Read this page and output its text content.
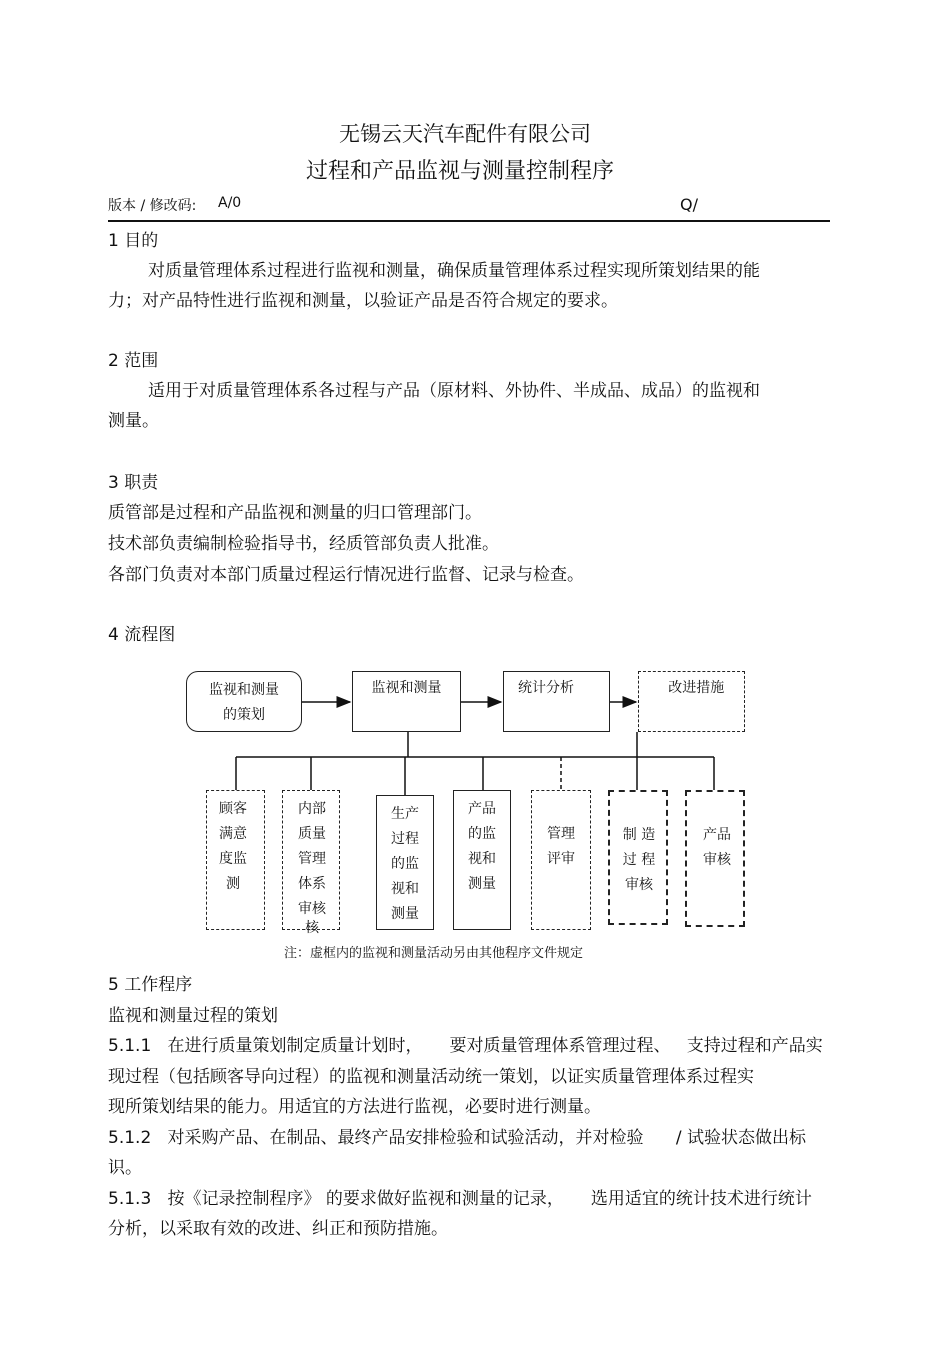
无锡云天汽车配件有限公司
过程和产品监视与测量控制程序
版本 / 修改码: A/0	Q/
1 目的
对质量管理体系过程进行监视和测量，确保质量管理体系过程实现所策划结果的能
力；对产品特性进行监视和测量，以验证产品是否符合规定的要求。
2 范围
适用于对质量管理体系各过程与产品（原材料、外协件、半成品、成品）的监视和
测量。
3 职责
质管部是过程和产品监视和测量的归口管理部门。
技术部负责编制检验指导书，经质管部负责人批准。
各部门负责对本部门质量过程运行情况进行监督、记录与检查。
4 流程图
监视和测量
的策划
监视和测量	统计分析	改进措施
顾客
满意
度监
测
内部
质量
管理
体系
审核
核
生产
过程
的监
视和
测量
产品
的监
视和
测量
管理
评审
制 造
过 程
审核
产品
审核
注：虚框内的监视和测量活动另由其他程序文件规定
5 工作程序
监视和测量过程的策划
5.1.1   在进行质量策划制定质量计划时，     要对质量管理体系管理过程、   支持过程和产品实
现过程（包括顾客导向过程）的监视和测量活动统一策划，以证实质量管理体系过程实
现所策划结果的能力。用适宜的方法进行监视，必要时进行测量。
5.1.2   对采购产品、在制品、最终产品安排检验和试验活动，并对检验      / 试验状态做出标
识。
5.1.3   按《记录控制程序》 的要求做好监视和测量的记录，     选用适宜的统计技术进行统计
分析，以采取有效的改进、纠正和预防措施。
